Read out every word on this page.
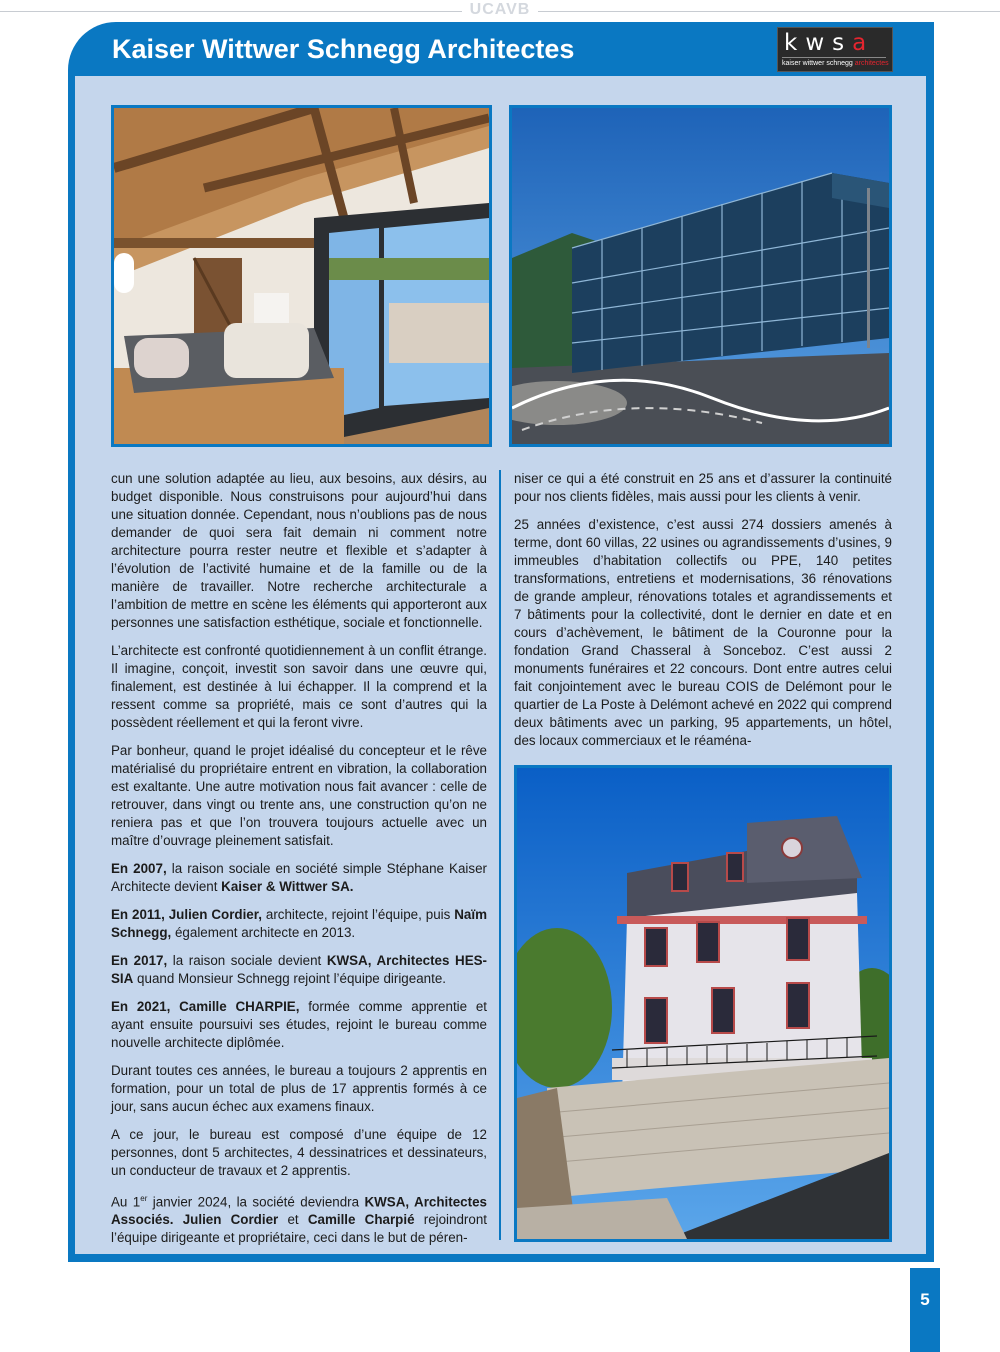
UCAVB
Kaiser Wittwer Schnegg Architectes	kwsa
kaiser wittwer schnegg architectes

cun une solution adaptée au lieu, aux besoins, aux désirs, au budget disponible. Nous construisons pour aujourd’hui dans une situation donnée. Cependant, nous n’oublions pas de nous demander de quoi sera fait demain ni comment notre architecture pourra rester neutre et flexible et s’adapter à l’évolution de l’activité humaine et de la famille ou de la manière de travailler. Notre recherche architecturale a l’ambition de mettre en scène les éléments qui apporteront aux personnes une satisfaction esthétique, sociale et fonctionnelle.

L’architecte est confronté quotidiennement à un conflit étrange. Il imagine, conçoit, investit son savoir dans une œuvre qui, finalement, est destinée à lui échapper. Il la comprend et la ressent comme sa propriété, mais ce sont d’autres qui la possèdent réellement et qui la feront vivre.

Par bonheur, quand le projet idéalisé du concepteur et le rêve matérialisé du propriétaire entrent en vibration, la collaboration est exaltante. Une autre motivation nous fait avancer : celle de retrouver, dans vingt ou trente ans, une construction qu’on ne reniera pas et que l’on trouvera toujours actuelle avec un maître d’ouvrage pleinement satisfait.

En 2007, la raison sociale en société simple Stéphane Kaiser Architecte devient Kaiser & Wittwer SA.

En 2011, Julien Cordier, architecte, rejoint l’équipe, puis Naïm Schnegg, également architecte en 2013.

En 2017, la raison sociale devient KWSA, Architectes HES-SIA quand Monsieur Schnegg rejoint l’équipe dirigeante.

En 2021, Camille CHARPIE, formée comme apprentie et ayant ensuite poursuivi ses études, rejoint le bureau comme nouvelle architecte diplômée.

Durant toutes ces années, le bureau a toujours 2 apprentis en formation, pour un total de plus de 17 apprentis formés à ce jour, sans aucun échec aux examens finaux.

A ce jour, le bureau est composé d’une équipe de 12 personnes, dont 5 architectes, 4 dessinatrices et dessinateurs, un conducteur de travaux et 2 apprentis.

Au 1er janvier 2024, la société deviendra KWSA, Architectes Associés. Julien Cordier et Camille Charpié rejoindront l’équipe dirigeante et propriétaire, ceci dans le but de péren-

niser ce qui a été construit en 25 ans et d’assurer la continuité pour nos clients fidèles, mais aussi pour les clients à venir.

25 années d’existence, c’est aussi 274 dossiers amenés à terme, dont 60 villas, 22 usines ou agrandissements d’usines, 9 immeubles d’habitation collectifs ou PPE, 140 petites transformations, entretiens et modernisations, 36 rénovations de grande ampleur, rénovations totales et agrandissements et 7 bâtiments pour la collectivité, dont le dernier en date et en cours d’achèvement, le bâtiment de la Couronne pour la fondation Grand Chasseral à Sonceboz. C’est aussi 2 monuments funéraires et 22 concours. Dont entre autres celui fait conjointement avec le bureau COIS de Delémont pour le quartier de La Poste à Delémont achevé en 2022 qui comprend deux bâtiments avec un parking, 95 appartements, un hôtel, des locaux commerciaux et le réaména-

5
